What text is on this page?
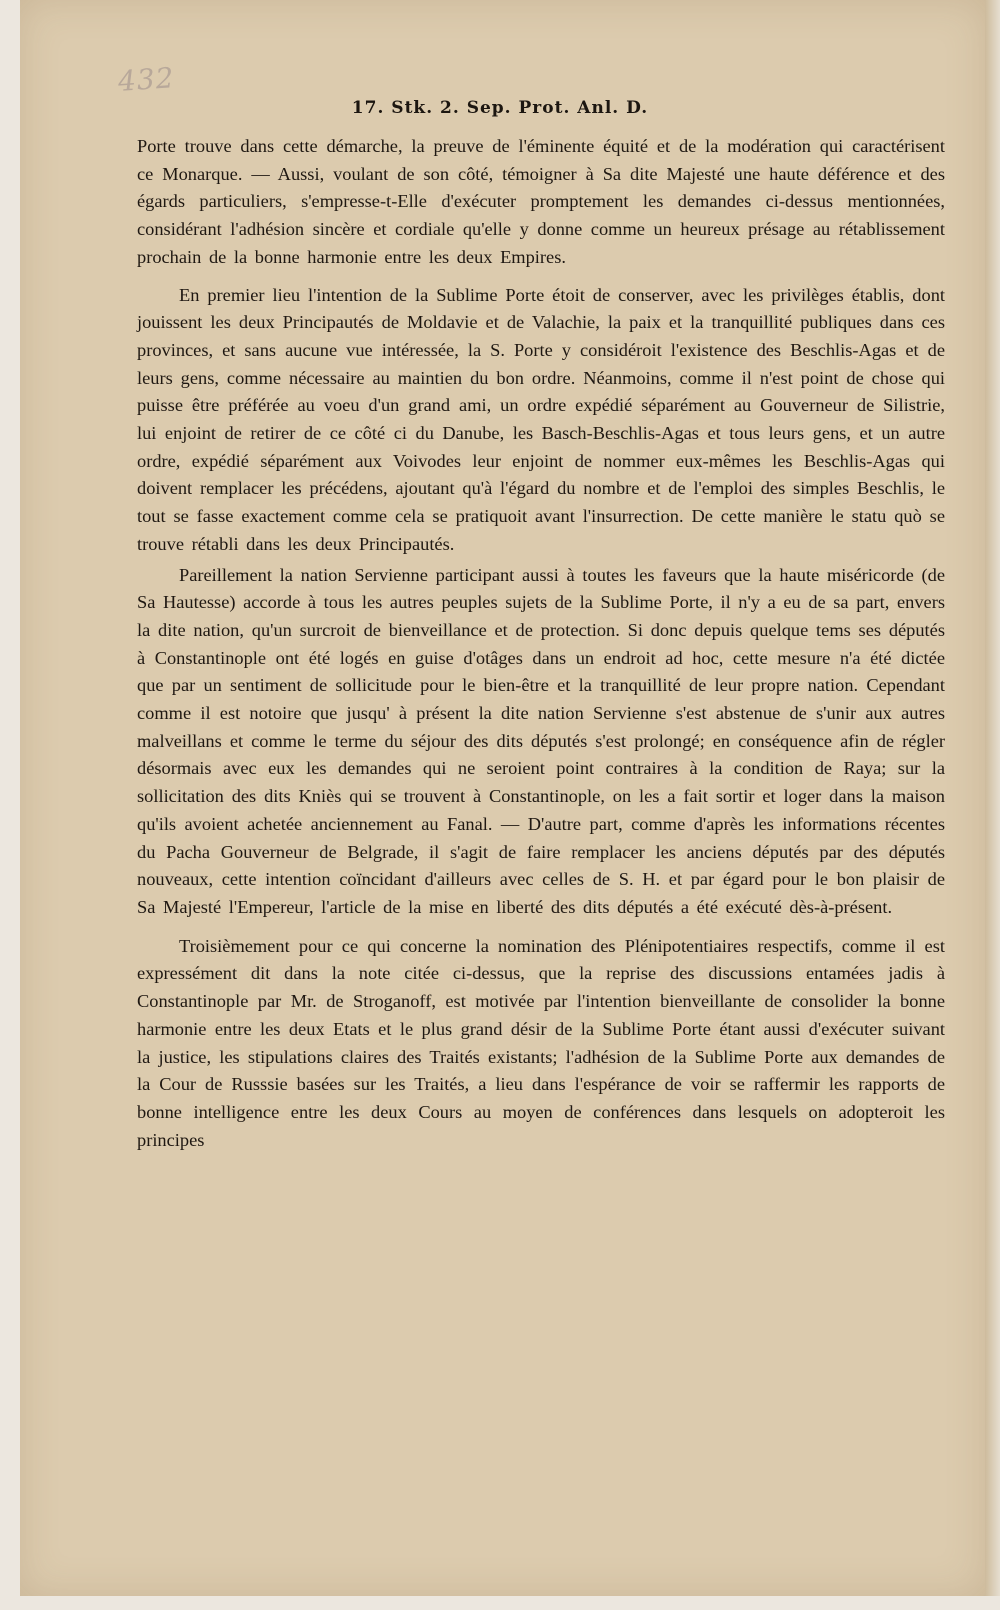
432
17. Stk. 2. Sep. Prot. Anl. D.

Porte trouve dans cette démarche, la preuve de l'éminente équité et de la modération qui caractérisent ce Monarque. — Aussi, voulant de son côté, témoigner à Sa dite Majesté une haute déférence et des égards particuliers, s'empresse-t-Elle d'exécuter promptement les demandes ci-dessus mentionnées, considérant l'adhésion sincère et cordiale qu'elle y donne comme un heureux présage au rétablissement prochain de la bonne harmonie entre les deux Empires.

En premier lieu l'intention de la Sublime Porte étoit de conserver, avec les privilèges établis, dont jouissent les deux Principautés de Moldavie et de Valachie, la paix et la tranquillité publiques dans ces provinces, et sans aucune vue intéressée, la S. Porte y considéroit l'existence des Beschlis-Agas et de leurs gens, comme nécessaire au maintien du bon ordre. Néanmoins, comme il n'est point de chose qui puisse être préférée au voeu d'un grand ami, un ordre expédié séparément au Gouverneur de Silistrie, lui enjoint de retirer de ce côté ci du Danube, les Basch-Beschlis-Agas et tous leurs gens, et un autre ordre, expédié séparément aux Voivodes leur enjoint de nommer eux-mêmes les Beschlis-Agas qui doivent remplacer les précédens, ajoutant qu'à l'égard du nombre et de l'emploi des simples Beschlis, le tout se fasse exactement comme cela se pratiquoit avant l'insurrection. De cette manière le statu quò se trouve rétabli dans les deux Principautés.

Pareillement la nation Servienne participant aussi à toutes les faveurs que la haute miséricorde (de Sa Hautesse) accorde à tous les autres peuples sujets de la Sublime Porte, il n'y a eu de sa part, envers la dite nation, qu'un surcroit de bienveillance et de protection. Si donc depuis quelque tems ses députés à Constantinople ont été logés en guise d'otâges dans un endroit ad hoc, cette mesure n'a été dictée que par un sentiment de sollicitude pour le bien-être et la tranquillité de leur propre nation. Cependant comme il est notoire que jusqu' à présent la dite nation Servienne s'est abstenue de s'unir aux autres malveillans et comme le terme du séjour des dits députés s'est prolongé; en conséquence afin de régler désormais avec eux les demandes qui ne seroient point contraires à la condition de Raya; sur la sollicitation des dits Kniès qui se trouvent à Constantinople, on les a fait sortir et loger dans la maison qu'ils avoient achetée anciennement au Fanal. — D'autre part, comme d'après les informations récentes du Pacha Gouverneur de Belgrade, il s'agit de faire remplacer les anciens députés par des députés nouveaux, cette intention coïncidant d'ailleurs avec celles de S. H. et par égard pour le bon plaisir de Sa Majesté l'Empereur, l'article de la mise en liberté des dits députés a été exécuté dès-à-présent.

Troisièmement pour ce qui concerne la nomination des Plénipotentiaires respectifs, comme il est expressément dit dans la note citée ci-dessus, que la reprise des discussions entamées jadis à Constantinople par Mr. de Stroganoff, est motivée par l'intention bienveillante de consolider la bonne harmonie entre les deux Etats et le plus grand désir de la Sublime Porte étant aussi d'exécuter suivant la justice, les stipulations claires des Traités existants; l'adhésion de la Sublime Porte aux demandes de la Cour de Russsie basées sur les Traités, a lieu dans l'espérance de voir se raffermir les rapports de bonne intelligence entre les deux Cours au moyen de conférences dans lesquels on adopteroit les principes
